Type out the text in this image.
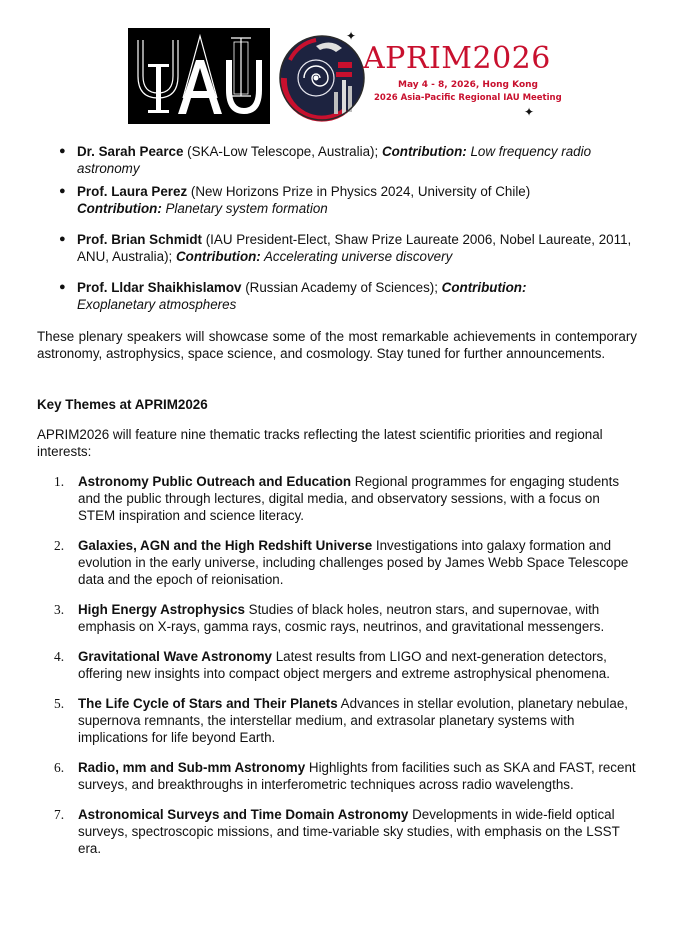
✦
APRIM2026
May 4 - 8, 2026, Hong Kong
2026 Asia-Pacific Regional IAU Meeting
✦
● Dr. Sarah Pearce (SKA-Low Telescope, Australia); Contribution: Low frequency radio astronomy
● Prof. Laura Perez (New Horizons Prize in Physics 2024, University of Chile)
Contribution: Planetary system formation
● Prof. Brian Schmidt (IAU President-Elect, Shaw Prize Laureate 2006, Nobel Laureate, 2011, ANU, Australia); Contribution: Accelerating universe discovery
● Prof. Lldar Shaikhislamov (Russian Academy of Sciences); Contribution:
Exoplanetary atmospheres

These plenary speakers will showcase some of the most remarkable achievements in contemporary astronomy, astrophysics, space science, and cosmology. Stay tuned for further announcements.

Key Themes at APRIM2026

APRIM2026 will feature nine thematic tracks reflecting the latest scientific priorities and regional interests:

1. Astronomy Public Outreach and Education Regional programmes for engaging students and the public through lectures, digital media, and observatory sessions, with a focus on STEM inspiration and science literacy.
2. Galaxies, AGN and the High Redshift Universe Investigations into galaxy formation and evolution in the early universe, including challenges posed by James Webb Space Telescope data and the epoch of reionisation.
3. High Energy Astrophysics Studies of black holes, neutron stars, and supernovae, with emphasis on X-rays, gamma rays, cosmic rays, neutrinos, and gravitational messengers.
4. Gravitational Wave Astronomy Latest results from LIGO and next-generation detectors, offering new insights into compact object mergers and extreme astrophysical phenomena.
5. The Life Cycle of Stars and Their Planets Advances in stellar evolution, planetary nebulae, supernova remnants, the interstellar medium, and extrasolar planetary systems with implications for life beyond Earth.
6. Radio, mm and Sub-mm Astronomy Highlights from facilities such as SKA and FAST, recent surveys, and breakthroughs in interferometric techniques across radio wavelengths.
7. Astronomical Surveys and Time Domain Astronomy Developments in wide-field optical surveys, spectroscopic missions, and time-variable sky studies, with emphasis on the LSST era.
